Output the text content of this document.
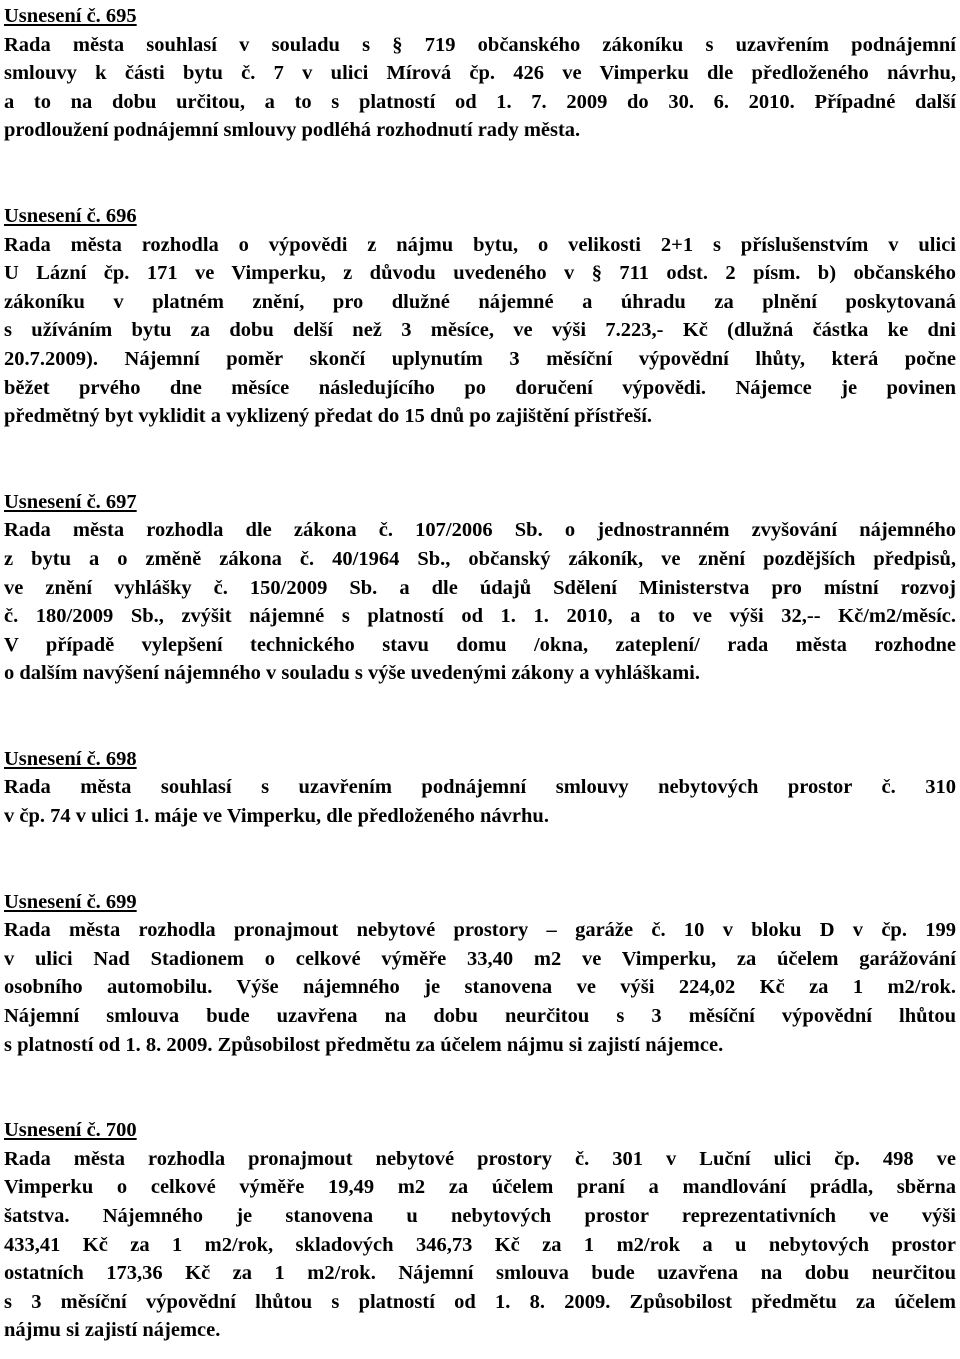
Usnesení č. 695
Rada města souhlasí v souladu s § 719 občanského zákoníku s uzavřením podnájemní
smlouvy k části bytu č. 7 v ulici Mírová čp. 426 ve Vimperku dle předloženého návrhu,
a to na dobu určitou, a to s platností od 1. 7. 2009 do 30. 6. 2010. Případné další
prodloužení podnájemní smlouvy podléhá rozhodnutí rady města.
Usnesení č. 696
Rada města rozhodla o výpovědi z nájmu bytu, o velikosti 2+1 s příslušenstvím v ulici
U Lázní čp. 171 ve Vimperku, z důvodu uvedeného v § 711 odst. 2 písm. b) občanského
zákoníku v platném znění, pro dlužné nájemné a úhradu za plnění poskytovaná
s užíváním bytu za dobu delší než 3 měsíce, ve výši 7.223,- Kč (dlužná částka ke dni
20.7.2009). Nájemní poměr skončí uplynutím 3 měsíční výpovědní lhůty, která počne
běžet prvého dne měsíce následujícího po doručení výpovědi. Nájemce je povinen
předmětný byt vyklidit a vyklizený předat do 15 dnů po zajištění přístřeší.
Usnesení č. 697
Rada města rozhodla dle zákona č. 107/2006 Sb. o jednostranném zvyšování nájemného
z bytu a o změně zákona č. 40/1964 Sb., občanský zákoník, ve znění pozdějších předpisů,
ve znění vyhlášky č. 150/2009 Sb. a dle údajů Sdělení Ministerstva pro místní rozvoj
č. 180/2009 Sb., zvýšit nájemné s platností od 1. 1. 2010, a to ve výši 32,-- Kč/m2/měsíc.
V případě vylepšení technického stavu domu /okna, zateplení/ rada města rozhodne
o dalším navýšení nájemného v souladu s výše uvedenými zákony a vyhláškami.
Usnesení č. 698
Rada města souhlasí s uzavřením podnájemní smlouvy nebytových prostor č. 310
v čp. 74 v ulici 1. máje ve Vimperku, dle předloženého návrhu.
Usnesení č. 699
Rada města rozhodla pronajmout nebytové prostory – garáže č. 10 v bloku D v čp. 199
v ulici Nad Stadionem o celkové výměře 33,40 m2 ve Vimperku, za účelem garážování
osobního automobilu. Výše nájemného je stanovena ve výši 224,02 Kč za 1 m2/rok.
Nájemní smlouva bude uzavřena na dobu neurčitou s 3 měsíční výpovědní lhůtou
s platností od 1. 8. 2009. Způsobilost předmětu za účelem nájmu si zajistí nájemce.
Usnesení č. 700
Rada města rozhodla pronajmout nebytové prostory č. 301 v Luční ulici čp. 498 ve
Vimperku o celkové výměře 19,49 m2 za účelem praní a mandlování prádla, sběrna
šatstva. Nájemného je stanovena u nebytových prostor reprezentativních ve výši
433,41 Kč za 1 m2/rok, skladových 346,73 Kč za 1 m2/rok a u nebytových prostor
ostatních 173,36 Kč za 1 m2/rok. Nájemní smlouva bude uzavřena na dobu neurčitou
s 3 měsíční výpovědní lhůtou s platností od 1. 8. 2009. Způsobilost předmětu za účelem
nájmu si zajistí nájemce.
